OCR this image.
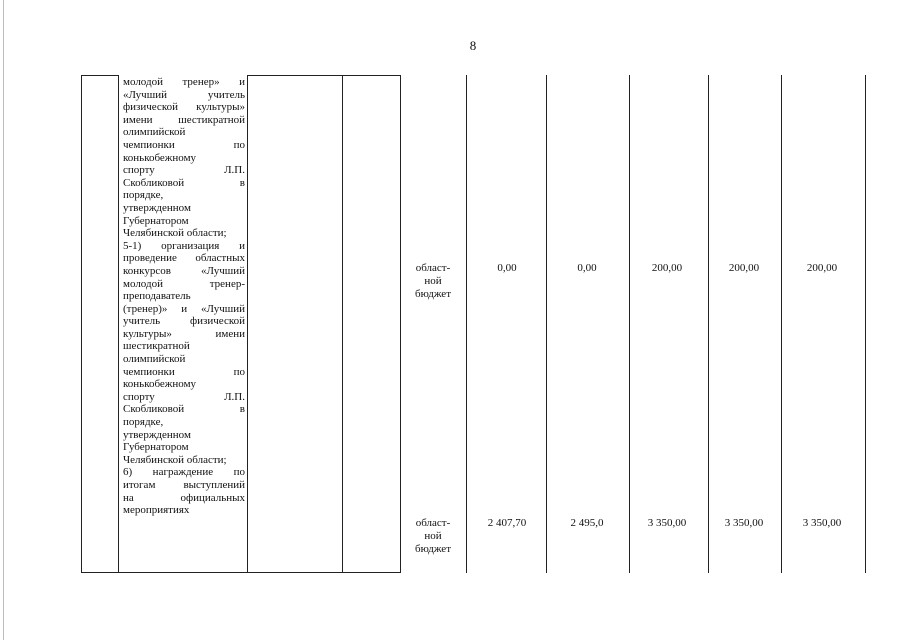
8
молодой тренер» и
«Лучший учитель
физической культуры»
имени шестикратной
олимпийской
чемпионки по
конькобежному
спорту Л.П.
Скобликовой в
порядке,
утвержденном
Губернатором
Челябинской области;
5-1) организация и
проведение областных
конкурсов «Лучший
молодой тренер-
преподаватель
(тренер)» и «Лучший
учитель физической
культуры» имени
шестикратной
олимпийской
чемпионки по
конькобежному
спорту Л.П.
Скобликовой в
порядке,
утвержденном
Губернатором
Челябинской области;
6) награждение по
итогам выступлений
на официальных
мероприятиях
област-
ной
бюджет
0,00	0,00	200,00	200,00	200,00
област-
ной
бюджет
2 407,70	2 495,0	3 350,00	3 350,00	3 350,00
